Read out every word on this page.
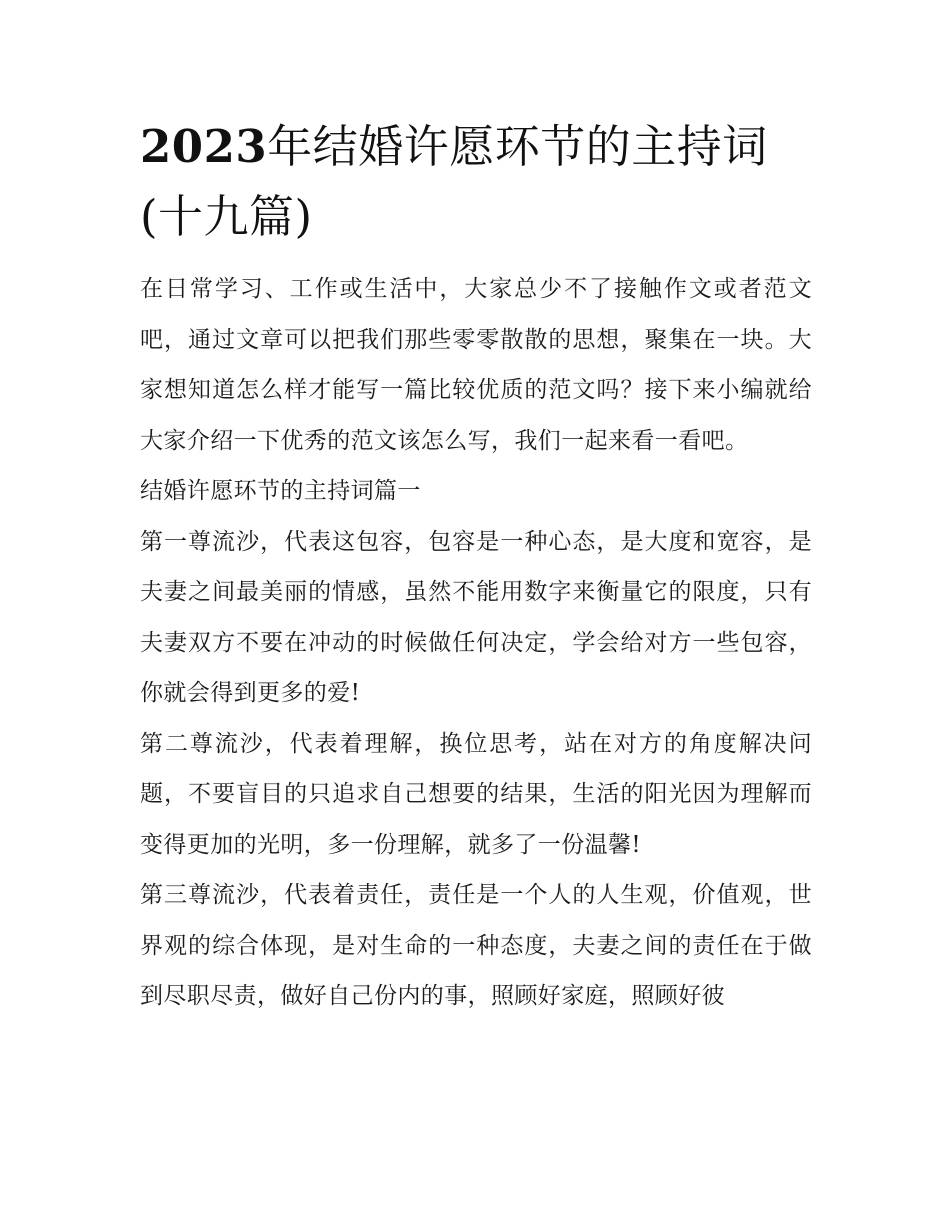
2023年结婚许愿环节的主持词(十九篇)

在日常学习、工作或生活中，大家总少不了接触作文或者范文吧，通过文章可以把我们那些零零散散的思想，聚集在一块。大家想知道怎么样才能写一篇比较优质的范文吗？接下来小编就给大家介绍一下优秀的范文该怎么写，我们一起来看一看吧。

结婚许愿环节的主持词篇一

第一尊流沙，代表这包容，包容是一种心态，是大度和宽容，是夫妻之间最美丽的情感，虽然不能用数字来衡量它的限度，只有夫妻双方不要在冲动的时候做任何决定，学会给对方一些包容，你就会得到更多的爱!

第二尊流沙，代表着理解，换位思考，站在对方的角度解决问题，不要盲目的只追求自己想要的结果，生活的阳光因为理解而变得更加的光明，多一份理解，就多了一份温馨!

第三尊流沙，代表着责任，责任是一个人的人生观，价值观，世界观的综合体现，是对生命的一种态度，夫妻之间的责任在于做到尽职尽责，做好自己份内的事，照顾好家庭，照顾好彼
